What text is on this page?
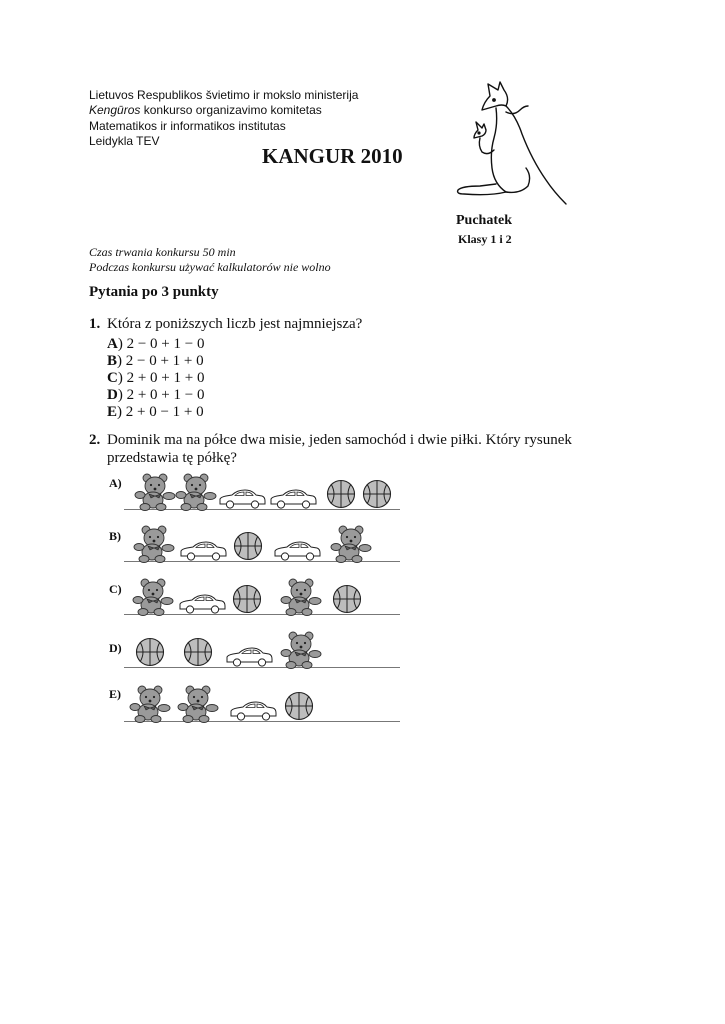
Lietuvos Respublikos švietimo ir mokslo ministerija
Kengūros konkurso organizavimo komitetas
Matematikos ir informatikos institutas
Leidykla TEV
KANGUR 2010
Puchatek
Klasy 1 i 2
Czas trwania konkursu 50 min
Podczas konkursu używać kalkulatorów nie wolno
Pytania po 3 punkty
1. Która z poniższych liczb jest najmniejsza?
A) 2 − 0 + 1 − 0
B) 2 − 0 + 1 + 0
C) 2 + 0 + 1 + 0
D) 2 + 0 + 1 − 0
E) 2 + 0 − 1 + 0
2. Dominik ma na półce dwa misie, jeden samochód i dwie piłki. Który rysunek przedstawia tę półkę?
A)
B)
C)
D)
E)
